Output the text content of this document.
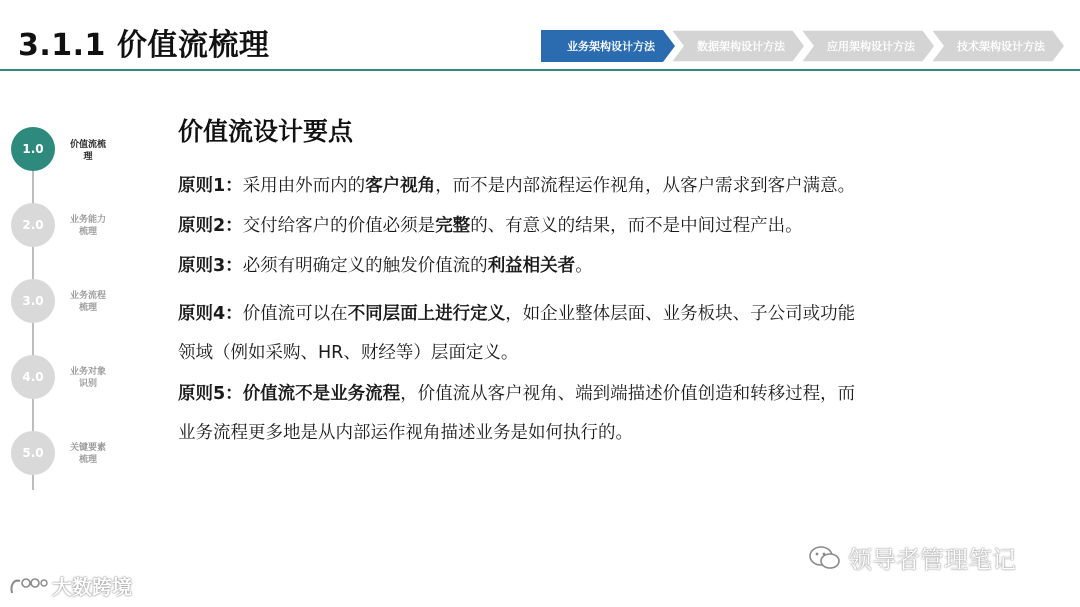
3.1.1 价值流梳理	业务架构设计方法	数据架构设计方法	应用架构设计方法	技术架构设计方法
1.0	价值流梳
理
2.0	业务能力
梳理
3.0	业务流程
梳理
4.0	业务对象
识别
5.0	关键要素
梳理
价值流设计要点
原则1：采用由外而内的客户视角，而不是内部流程运作视角，从客户需求到客户满意。
原则2：交付给客户的价值必须是完整的、有意义的结果，而不是中间过程产出。
原则3：必须有明确定义的触发价值流的利益相关者。
原则4：价值流可以在不同层面上进行定义，如企业整体层面、业务板块、子公司或功能
领域（例如采购、HR、财经等）层面定义。
原则5：价值流不是业务流程，价值流从客户视角、端到端描述价值创造和转移过程，而
业务流程更多地是从内部运作视角描述业务是如何执行的。
领导者管理笔记
大数跨境
